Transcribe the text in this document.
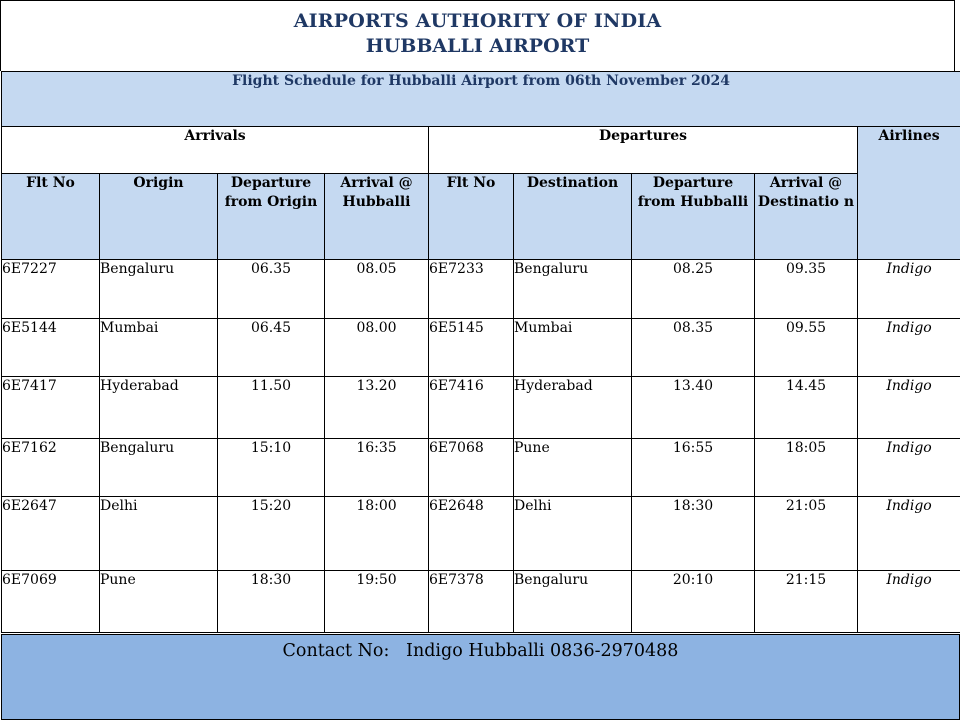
AIRPORTS AUTHORITY OF INDIA
HUBBALLI AIRPORT
Flight Schedule for Hubballi Airport from 06th November 2024								
Arrivals				Departures				Airlines
Flt No	Origin	Departure from Origin	Arrival @ Hubballi	Flt No	Destination	Departure from Hubballi	Arrival @ Destinatio n	
6E7227	Bengaluru	06.35	08.05	6E7233	Bengaluru	08.25	09.35	Indigo
6E5144	Mumbai	06.45	08.00	6E5145	Mumbai	08.35	09.55	Indigo
6E7417	Hyderabad	11.50	13.20	6E7416	Hyderabad	13.40	14.45	Indigo
6E7162	Bengaluru	15:10	16:35	6E7068	Pune	16:55	18:05	Indigo
6E2647	Delhi	15:20	18:00	6E2648	Delhi	18:30	21:05	Indigo
6E7069	Pune	18:30	19:50	6E7378	Bengaluru	20:10	21:15	Indigo
Contact No:   Indigo Hubballi 0836-2970488
